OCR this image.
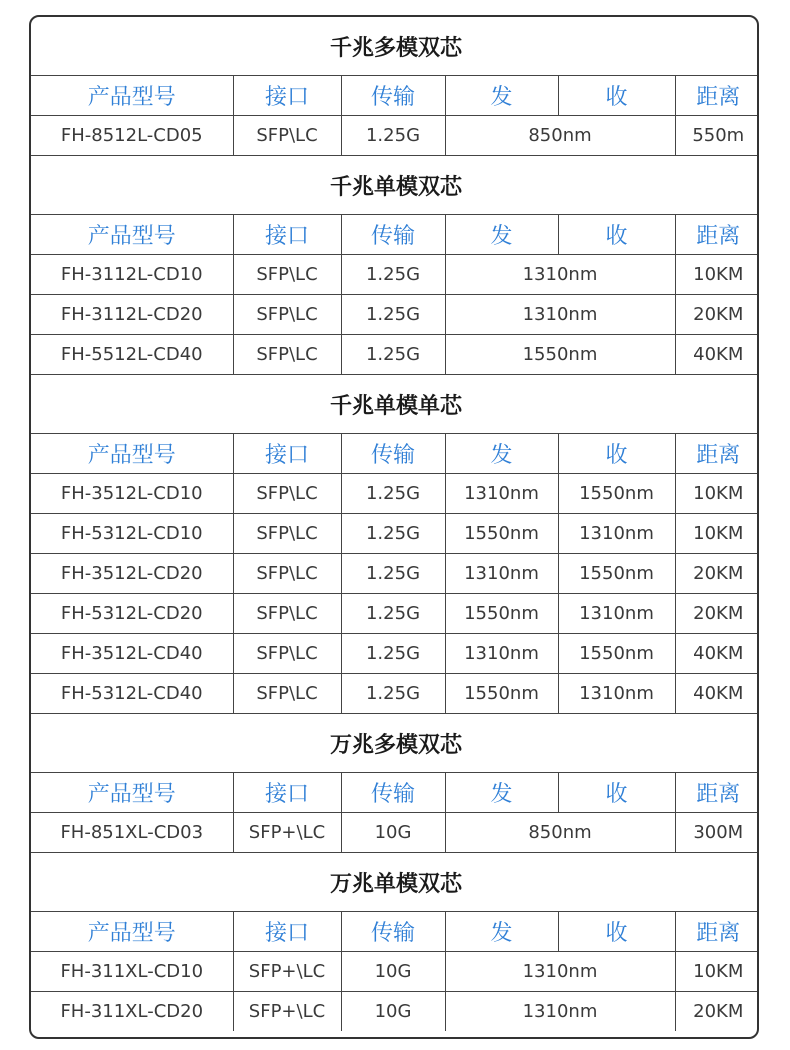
千兆多模双芯					
产品型号	接口	传输	发	收	距离
FH-8512L-CD05	SFP\LC	1.25G	850nm		550m
千兆单模双芯					
产品型号	接口	传输	发	收	距离
FH-3112L-CD10	SFP\LC	1.25G	1310nm		10KM
FH-3112L-CD20	SFP\LC	1.25G	1310nm		20KM
FH-5512L-CD40	SFP\LC	1.25G	1550nm		40KM
千兆单模单芯					
产品型号	接口	传输	发	收	距离
FH-3512L-CD10	SFP\LC	1.25G	1310nm	1550nm	10KM
FH-5312L-CD10	SFP\LC	1.25G	1550nm	1310nm	10KM
FH-3512L-CD20	SFP\LC	1.25G	1310nm	1550nm	20KM
FH-5312L-CD20	SFP\LC	1.25G	1550nm	1310nm	20KM
FH-3512L-CD40	SFP\LC	1.25G	1310nm	1550nm	40KM
FH-5312L-CD40	SFP\LC	1.25G	1550nm	1310nm	40KM
万兆多模双芯					
产品型号	接口	传输	发	收	距离
FH-851XL-CD03	SFP+\LC	10G	850nm		300M
万兆单模双芯					
产品型号	接口	传输	发	收	距离
FH-311XL-CD10	SFP+\LC	10G	1310nm		10KM
FH-311XL-CD20	SFP+\LC	10G	1310nm		20KM
